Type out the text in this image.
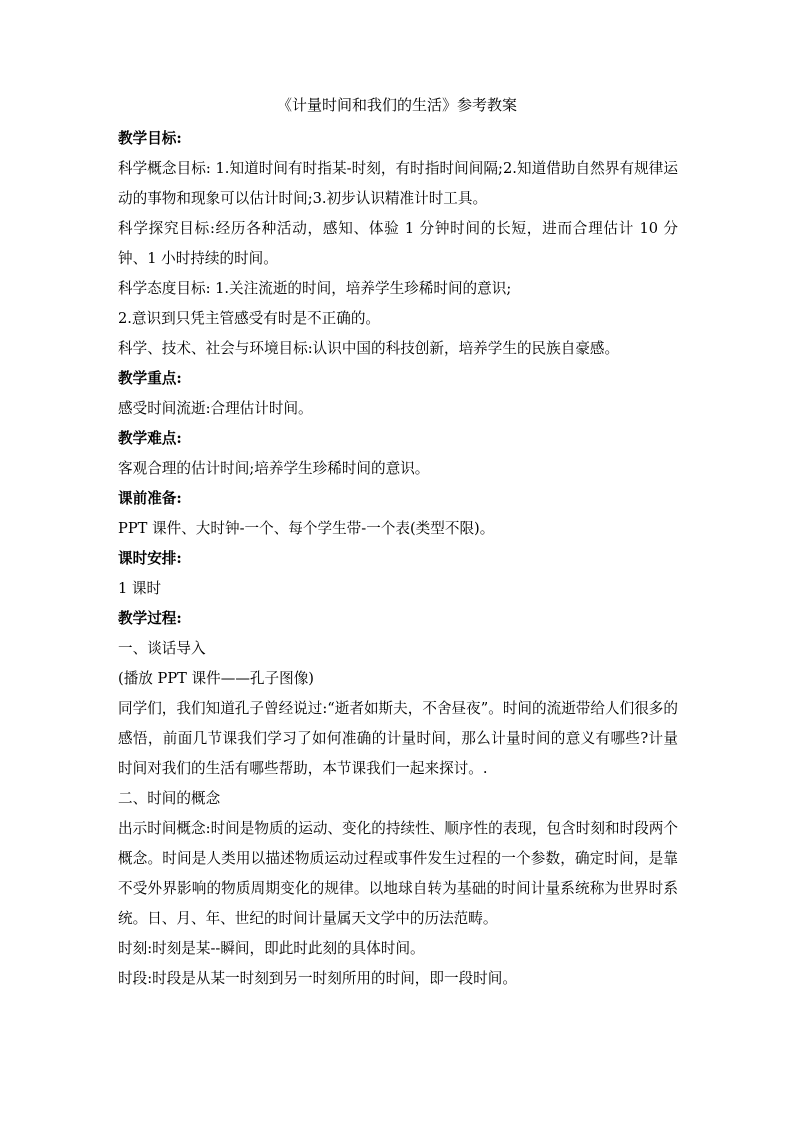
《计量时间和我们的生活》参考教案

教学目标:

科学概念目标: 1.知道时间有时指某-时刻，有时指时间间隔;2.知道借助自然界有规律运动的事物和现象可以估计时间;3.初步认识精准计时工具。

科学探究目标:经历各种活动，感知、体验 1 分钟时间的长短，进而合理估计 10 分钟、1 小时持续的时间。

科学态度目标: 1.关注流逝的时间，培养学生珍稀时间的意识;

2.意识到只凭主管感受有时是不正确的。

科学、技术、社会与环境目标:认识中国的科技创新，培养学生的民族自豪感。

教学重点:

感受时间流逝:合理估计时间。

教学难点:

客观合理的估计时间;培养学生珍稀时间的意识。

课前准备:

PPT 课件、大时钟-一个、每个学生带-一个表(类型不限)。

课时安排:

1 课时

教学过程:

一、谈话导入

(播放 PPT 课件——孔子图像)

同学们，我们知道孔子曾经说过:“逝者如斯夫，不舍昼夜”。时间的流逝带给人们很多的感悟，前面几节课我们学习了如何准确的计量时间，那么计量时间的意义有哪些?计量时间对我们的生活有哪些帮助，本节课我们一起来探讨。.

二、时间的概念

出示时间概念:时间是物质的运动、变化的持续性、顺序性的表现，包含时刻和时段两个概念。时间是人类用以描述物质运动过程或事件发生过程的一个参数，确定时间，是靠不受外界影响的物质周期变化的规律。以地球自转为基础的时间计量系统称为世界时系统。日、月、年、世纪的时间计量属天文学中的历法范畴。

时刻:时刻是某--瞬间，即此时此刻的具体时间。

时段:时段是从某一时刻到另一时刻所用的时间，即一段时间。
